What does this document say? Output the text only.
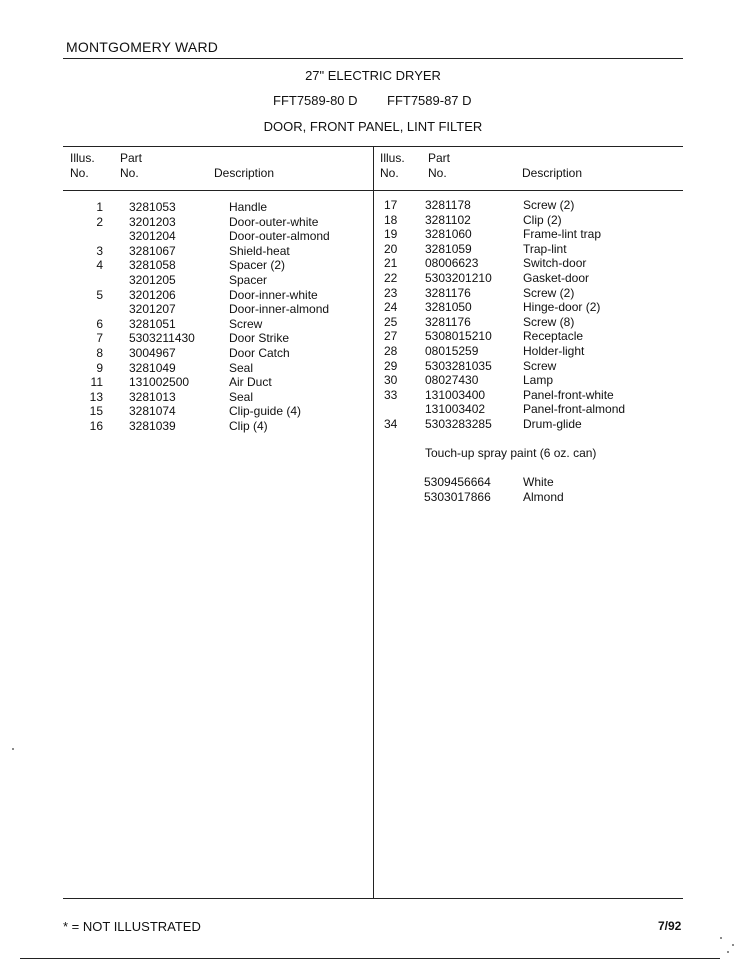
MONTGOMERY WARD
27" ELECTRIC DRYER
FFT7589-80 D FFT7589-87 D
DOOR, FRONT PANEL, LINT FILTER
Illus.
No.
Part
No.	Description
Illus.
No.
Part
No.	Description
1 3281053	Handle
2 3201203	Door-outer-white
3201204	Door-outer-almond
3 3281067	Shield-heat
4 3281058	Spacer (2)
3201205	Spacer
5 3201206	Door-inner-white
3201207	Door-inner-almond
6 3281051	Screw
7 5303211430	Door Strike
8 3004967	Door Catch
9 3281049	Seal
11 131002500	Air Duct
13 3281013	Seal
15 3281074	Clip-guide (4)
16 3281039	Clip (4)
17 3281178	Screw (2)
18 3281102	Clip (2)
19 3281060	Frame-lint trap
20 3281059	Trap-lint
21 08006623	Switch-door
22 5303201210	Gasket-door
23 3281176	Screw (2)
24 3281050	Hinge-door (2)
25 3281176	Screw (8)
27 5308015210	Receptacle
28 08015259	Holder-light
29 5303281035	Screw
30 08027430	Lamp
33 131003400	Panel-front-white
131003402	Panel-front-almond
34 5303283285	Drum-glide
Touch-up spray paint (6 oz. can)
5309456664	White
5303017866	Almond
* = NOT ILLUSTRATED	7/92
